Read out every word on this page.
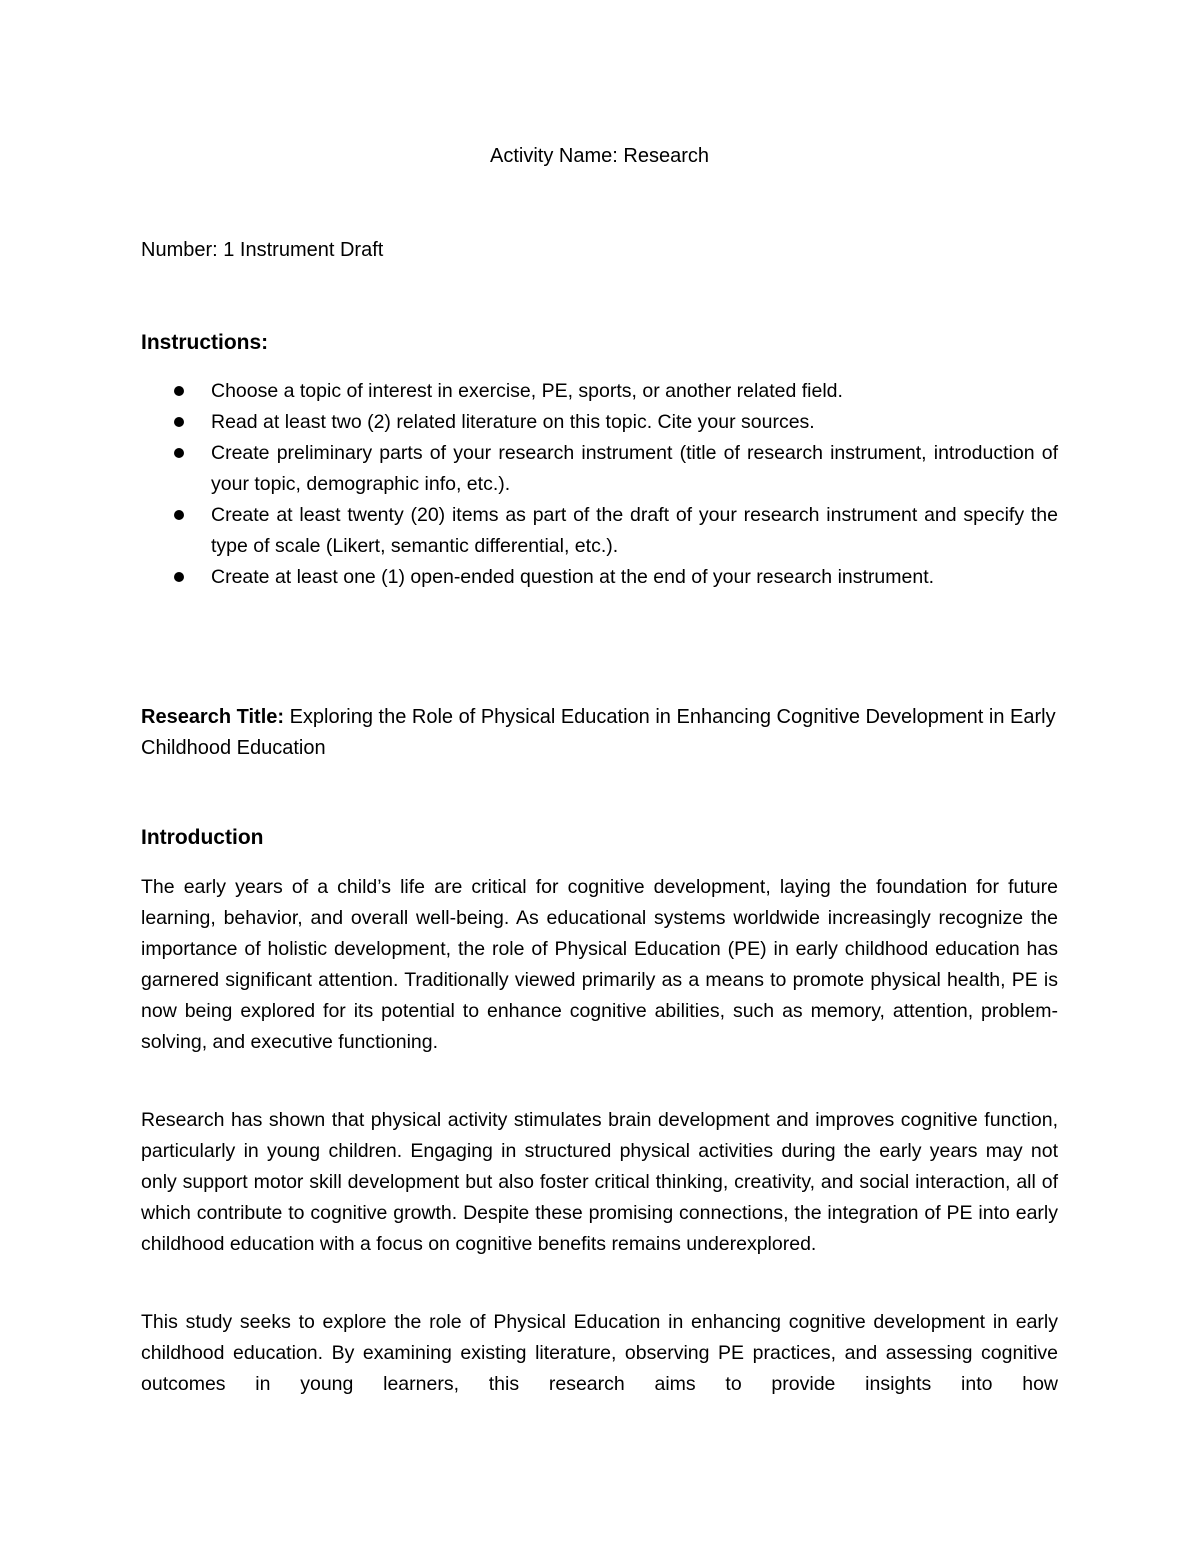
Activity Name: Research
Number: 1 Instrument Draft
Instructions:
Choose a topic of interest in exercise, PE, sports, or another related field.
Read at least two (2) related literature on this topic. Cite your sources.
Create preliminary parts of your research instrument (title of research instrument, introduction of your topic, demographic info, etc.).
Create at least twenty (20) items as part of the draft of your research instrument and specify the type of scale (Likert, semantic differential, etc.).
Create at least one (1) open-ended question at the end of your research instrument.
Research Title: Exploring the Role of Physical Education in Enhancing Cognitive Development in Early Childhood Education
Introduction

The early years of a child’s life are critical for cognitive development, laying the foundation for future learning, behavior, and overall well-being. As educational systems worldwide increasingly recognize the importance of holistic development, the role of Physical Education (PE) in early childhood education has garnered significant attention. Traditionally viewed primarily as a means to promote physical health, PE is now being explored for its potential to enhance cognitive abilities, such as memory, attention, problem-solving, and executive functioning.

Research has shown that physical activity stimulates brain development and improves cognitive function, particularly in young children. Engaging in structured physical activities during the early years may not only support motor skill development but also foster critical thinking, creativity, and social interaction, all of which contribute to cognitive growth. Despite these promising connections, the integration of PE into early childhood education with a focus on cognitive benefits remains underexplored.

This study seeks to explore the role of Physical Education in enhancing cognitive development in early childhood education. By examining existing literature, observing PE practices, and assessing cognitive outcomes in young learners, this research aims to provide insights into how
